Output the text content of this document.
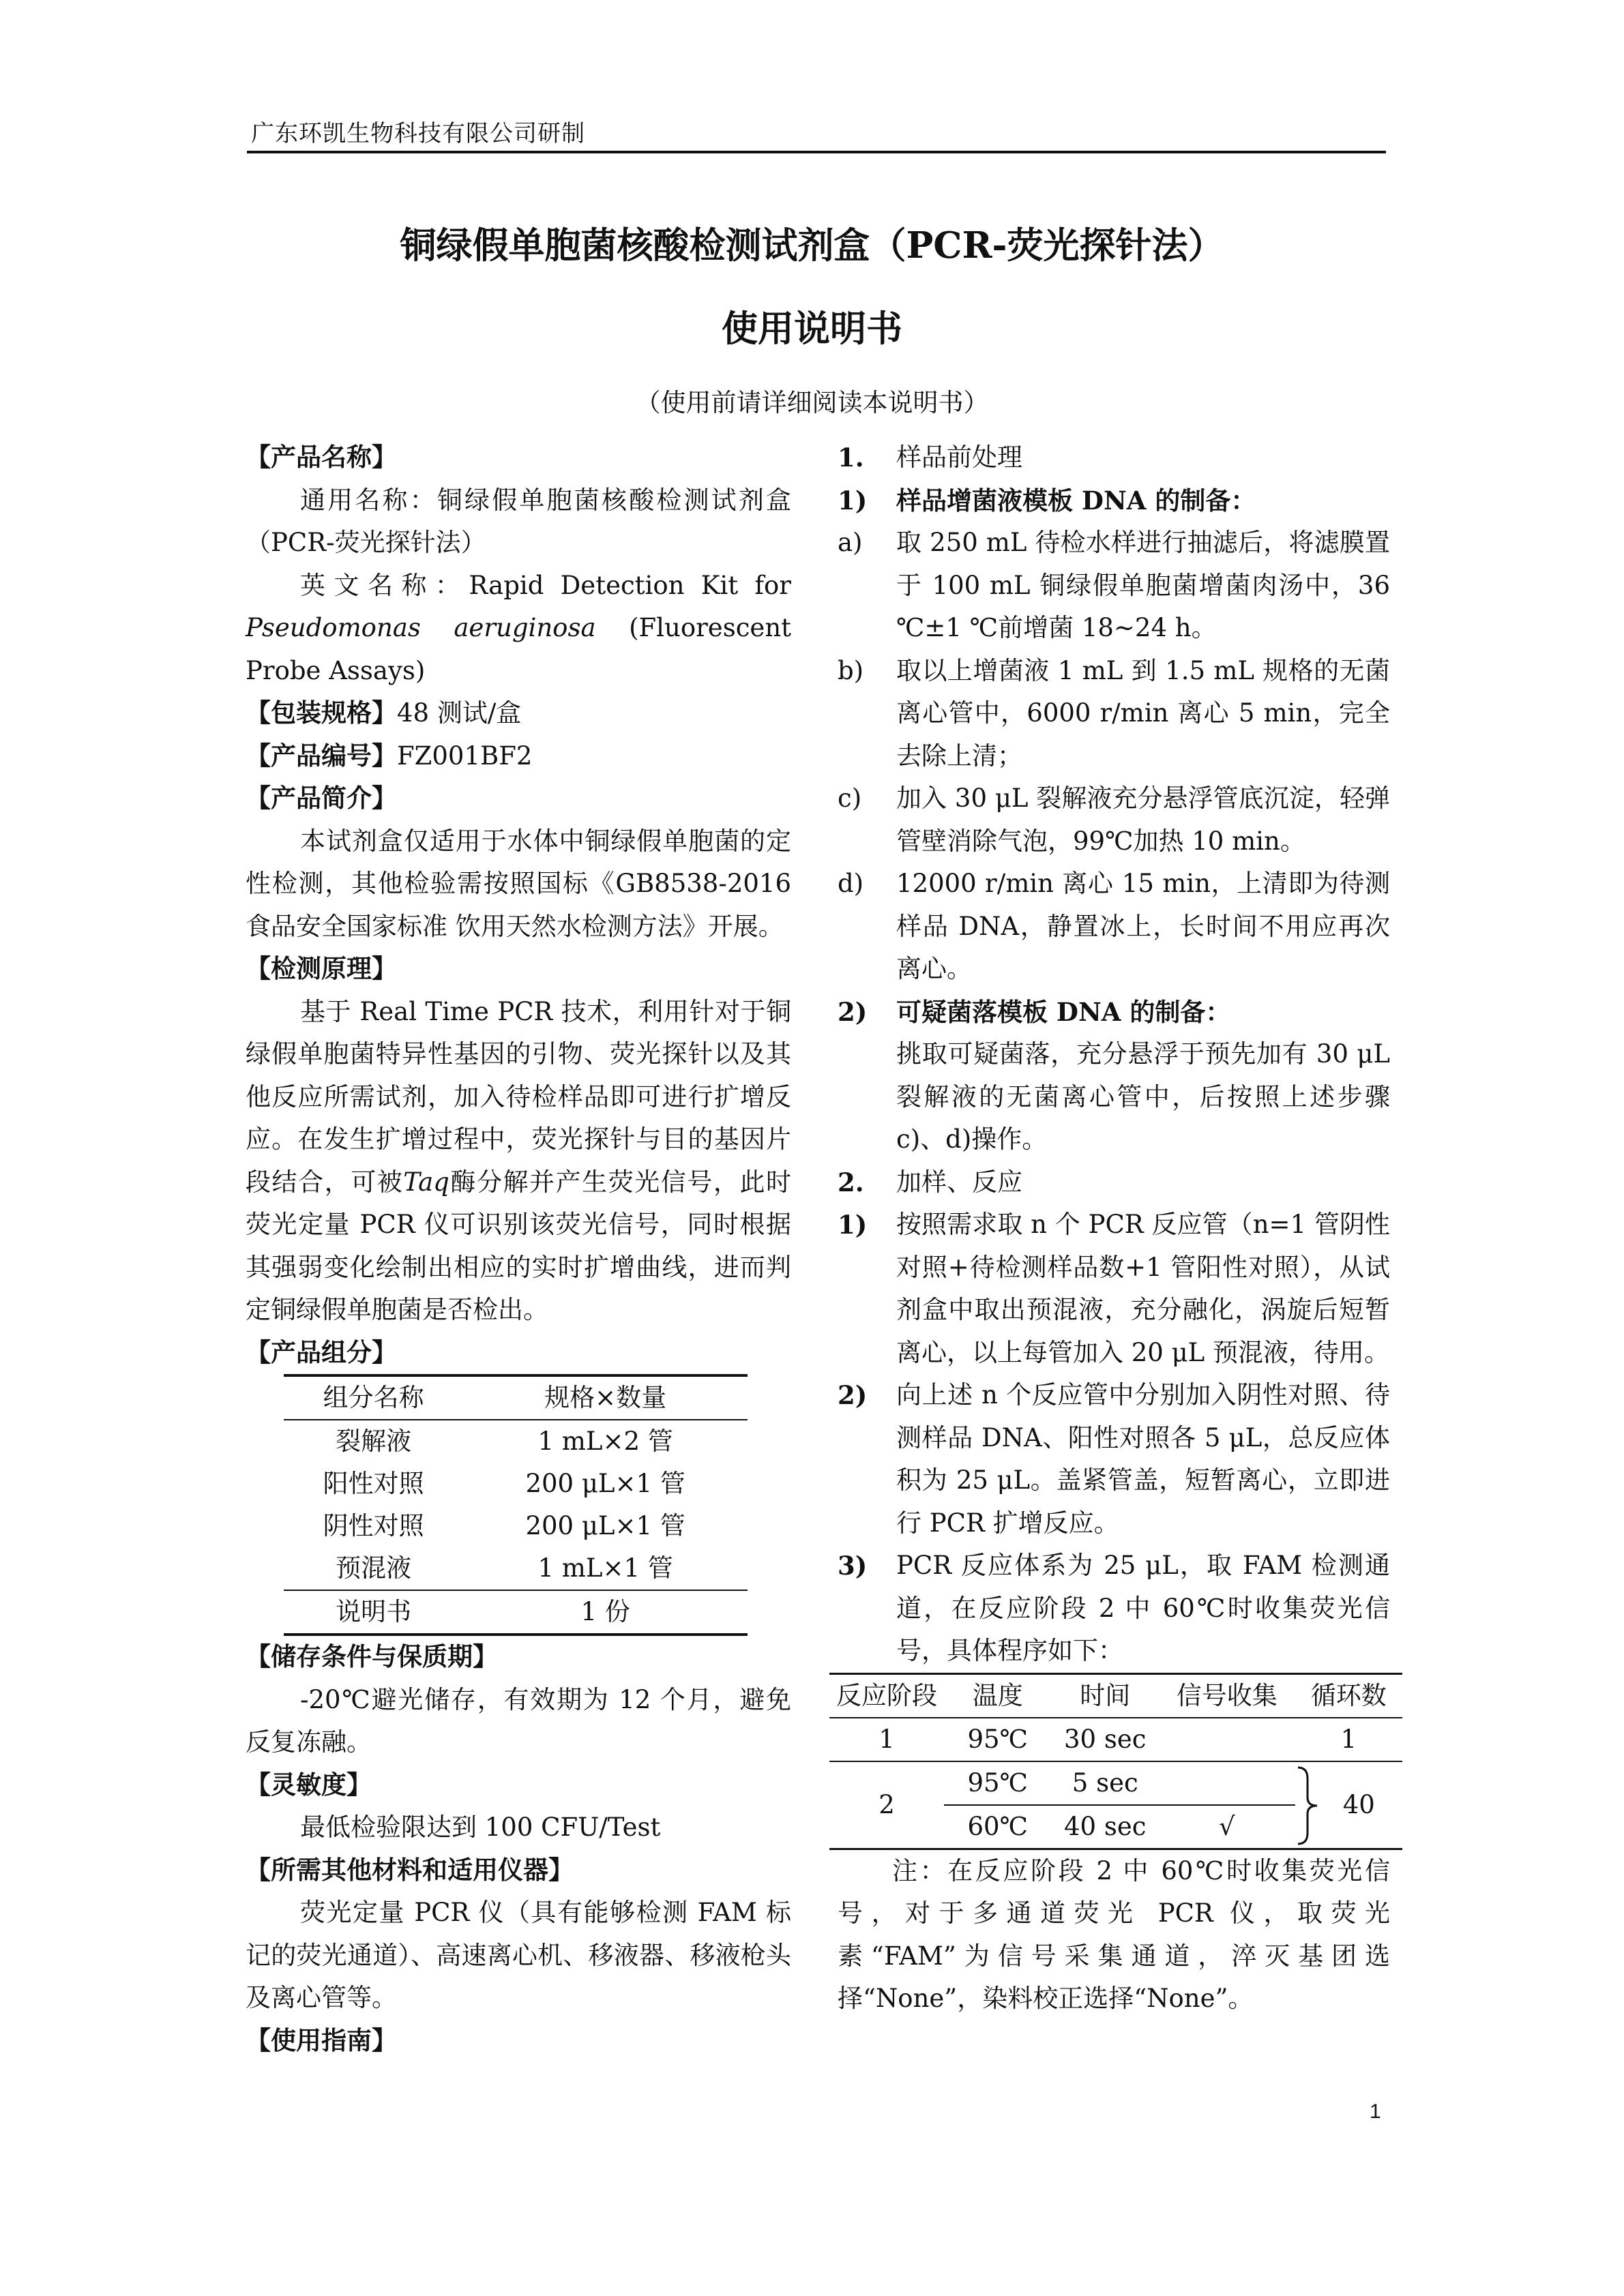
广东环凯生物科技有限公司研制
铜绿假单胞菌核酸检测试剂盒（PCR-荧光探针法）
使用说明书
（使用前请详细阅读本说明书）
【产品名称】

通用名称：铜绿假单胞菌核酸检测试剂盒（PCR-荧光探针法）

英文名称：Rapid Detection Kit for Pseudomonas aeruginosa (Fluorescent Probe Assays)

【包装规格】48 测试/盒
【产品编号】FZ001BF2
【产品简介】

本试剂盒仅适用于水体中铜绿假单胞菌的定性检测，其他检验需按照国标《GB8538-2016 食品安全国家标准 饮用天然水检测方法》开展。

【检测原理】

基于 Real Time PCR 技术，利用针对于铜绿假单胞菌特异性基因的引物、荧光探针以及其他反应所需试剂，加入待检样品即可进行扩增反应。在发生扩增过程中，荧光探针与目的基因片段结合，可被Taq酶分解并产生荧光信号，此时荧光定量 PCR 仪可识别该荧光信号，同时根据其强弱变化绘制出相应的实时扩增曲线，进而判定铜绿假单胞菌是否检出。

【产品组分】
组分名称	规格×数量
裂解液	1 mL×2 管
阳性对照	200 μL×1 管
阴性对照	200 μL×1 管
预混液	1 mL×1 管
说明书	1 份
【储存条件与保质期】

-20℃避光储存，有效期为 12 个月，避免反复冻融。

【灵敏度】

最低检验限达到 100 CFU/Test

【所需其他材料和适用仪器】

荧光定量 PCR 仪（具有能够检测 FAM 标记的荧光通道）、高速离心机、移液器、移液枪头及离心管等。

【使用指南】
1.	样品前处理
1)	样品增菌液模板 DNA 的制备：
a)	取 250 mL 待检水样进行抽滤后，将滤膜置于 100 mL 铜绿假单胞菌增菌肉汤中，36 ℃±1 ℃前增菌 18~24 h。
b)	取以上增菌液 1 mL 到 1.5 mL 规格的无菌离心管中，6000 r/min 离心 5 min，完全去除上清；
c)	加入 30 μL 裂解液充分悬浮管底沉淀，轻弹管壁消除气泡，99℃加热 10 min。
d)	12000 r/min 离心 15 min，上清即为待测样品 DNA，静置冰上，长时间不用应再次离心。
2)	可疑菌落模板 DNA 的制备：
挑取可疑菌落，充分悬浮于预先加有 30 μL 裂解液的无菌离心管中，后按照上述步骤 c)、d)操作。
2.	加样、反应
1)	按照需求取 n 个 PCR 反应管（n=1 管阴性对照+待检测样品数+1 管阳性对照），从试剂盒中取出预混液，充分融化，涡旋后短暂离心，以上每管加入 20 μL 预混液，待用。
2)	向上述 n 个反应管中分别加入阴性对照、待测样品 DNA、阳性对照各 5 μL，总反应体积为 25 μL。盖紧管盖，短暂离心，立即进行 PCR 扩增反应。
3)	PCR 反应体系为 25 μL，取 FAM 检测通道，在反应阶段 2 中 60℃时收集荧光信号，具体程序如下：
反应阶段	温度	时间	信号收集	循环数
1	95℃	30 sec		1
2	95℃	5 sec		40
	60℃	40 sec	√	

注：在反应阶段 2 中 60℃时收集荧光信号，对于多通道荧光 PCR 仪，取荧光素“FAM”为信号采集通道，淬灭基团选择“None”，染料校正选择“None”。

1
